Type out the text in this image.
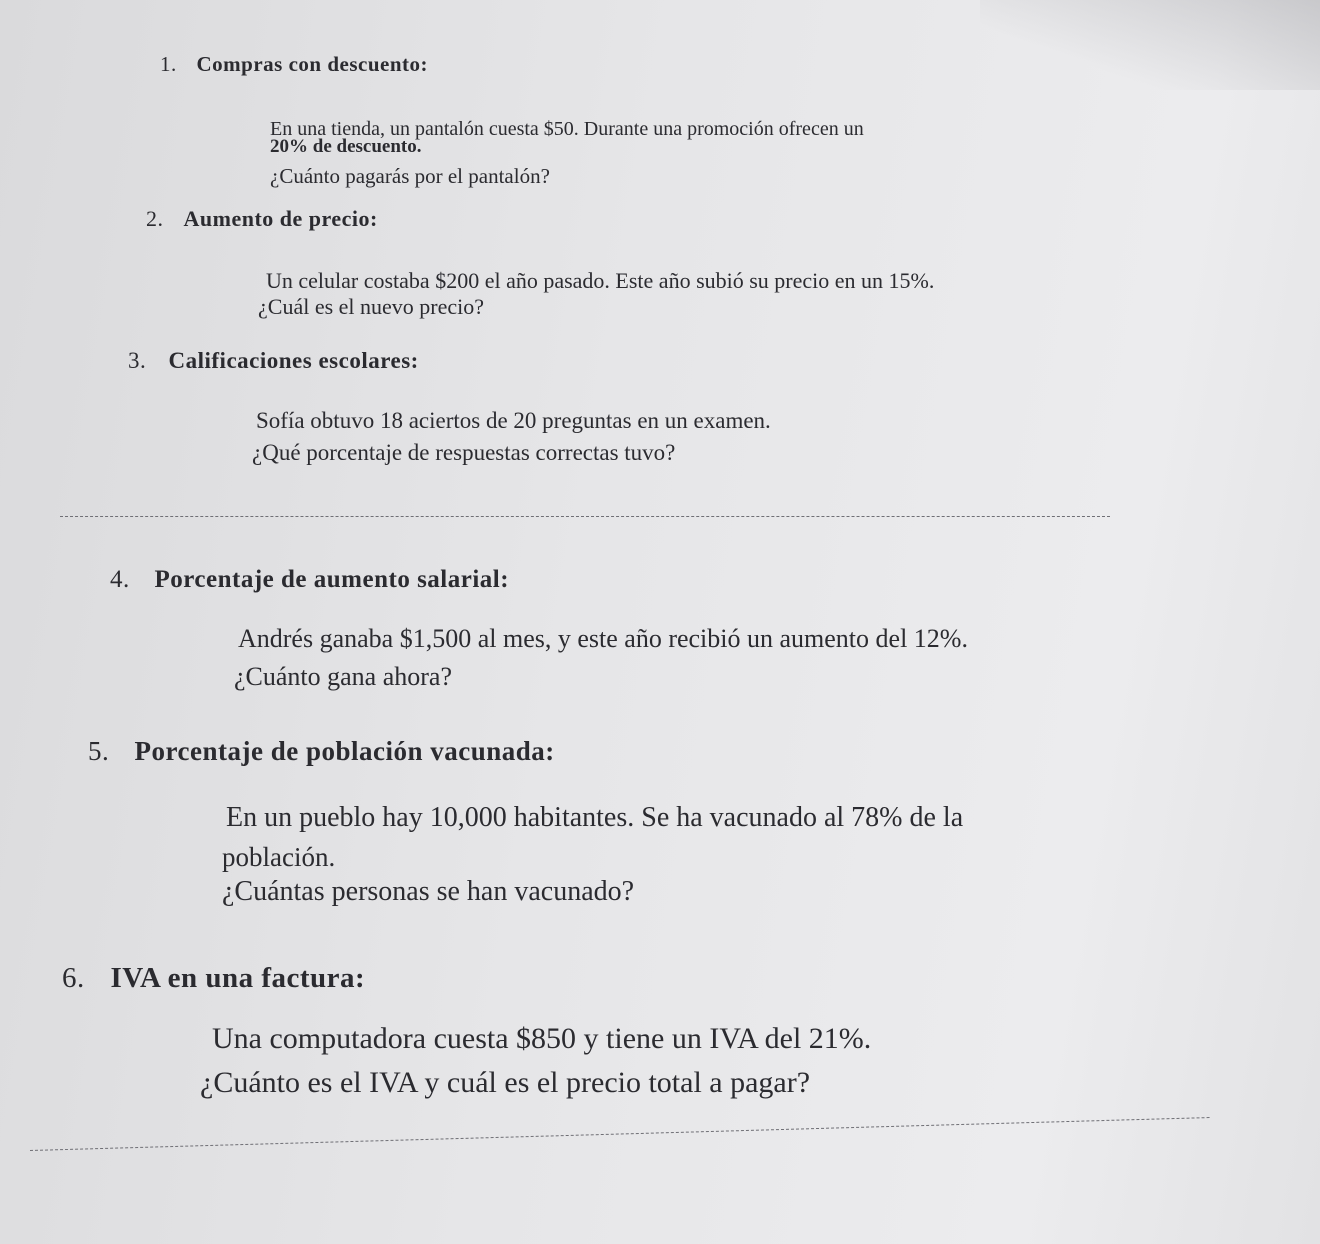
1. Compras con descuento:
En una tienda, un pantalón cuesta $50. Durante una promoción ofrecen un
20% de descuento.
¿Cuánto pagarás por el pantalón?
2. Aumento de precio:
Un celular costaba $200 el año pasado. Este año subió su precio en un 15%.
¿Cuál es el nuevo precio?
3. Calificaciones escolares:
Sofía obtuvo 18 aciertos de 20 preguntas en un examen.
¿Qué porcentaje de respuestas correctas tuvo?
4. Porcentaje de aumento salarial:
Andrés ganaba $1,500 al mes, y este año recibió un aumento del 12%.
¿Cuánto gana ahora?
5. Porcentaje de población vacunada:
En un pueblo hay 10,000 habitantes. Se ha vacunado al 78% de la
población.
¿Cuántas personas se han vacunado?
6. IVA en una factura:
Una computadora cuesta $850 y tiene un IVA del 21%.
¿Cuánto es el IVA y cuál es el precio total a pagar?
